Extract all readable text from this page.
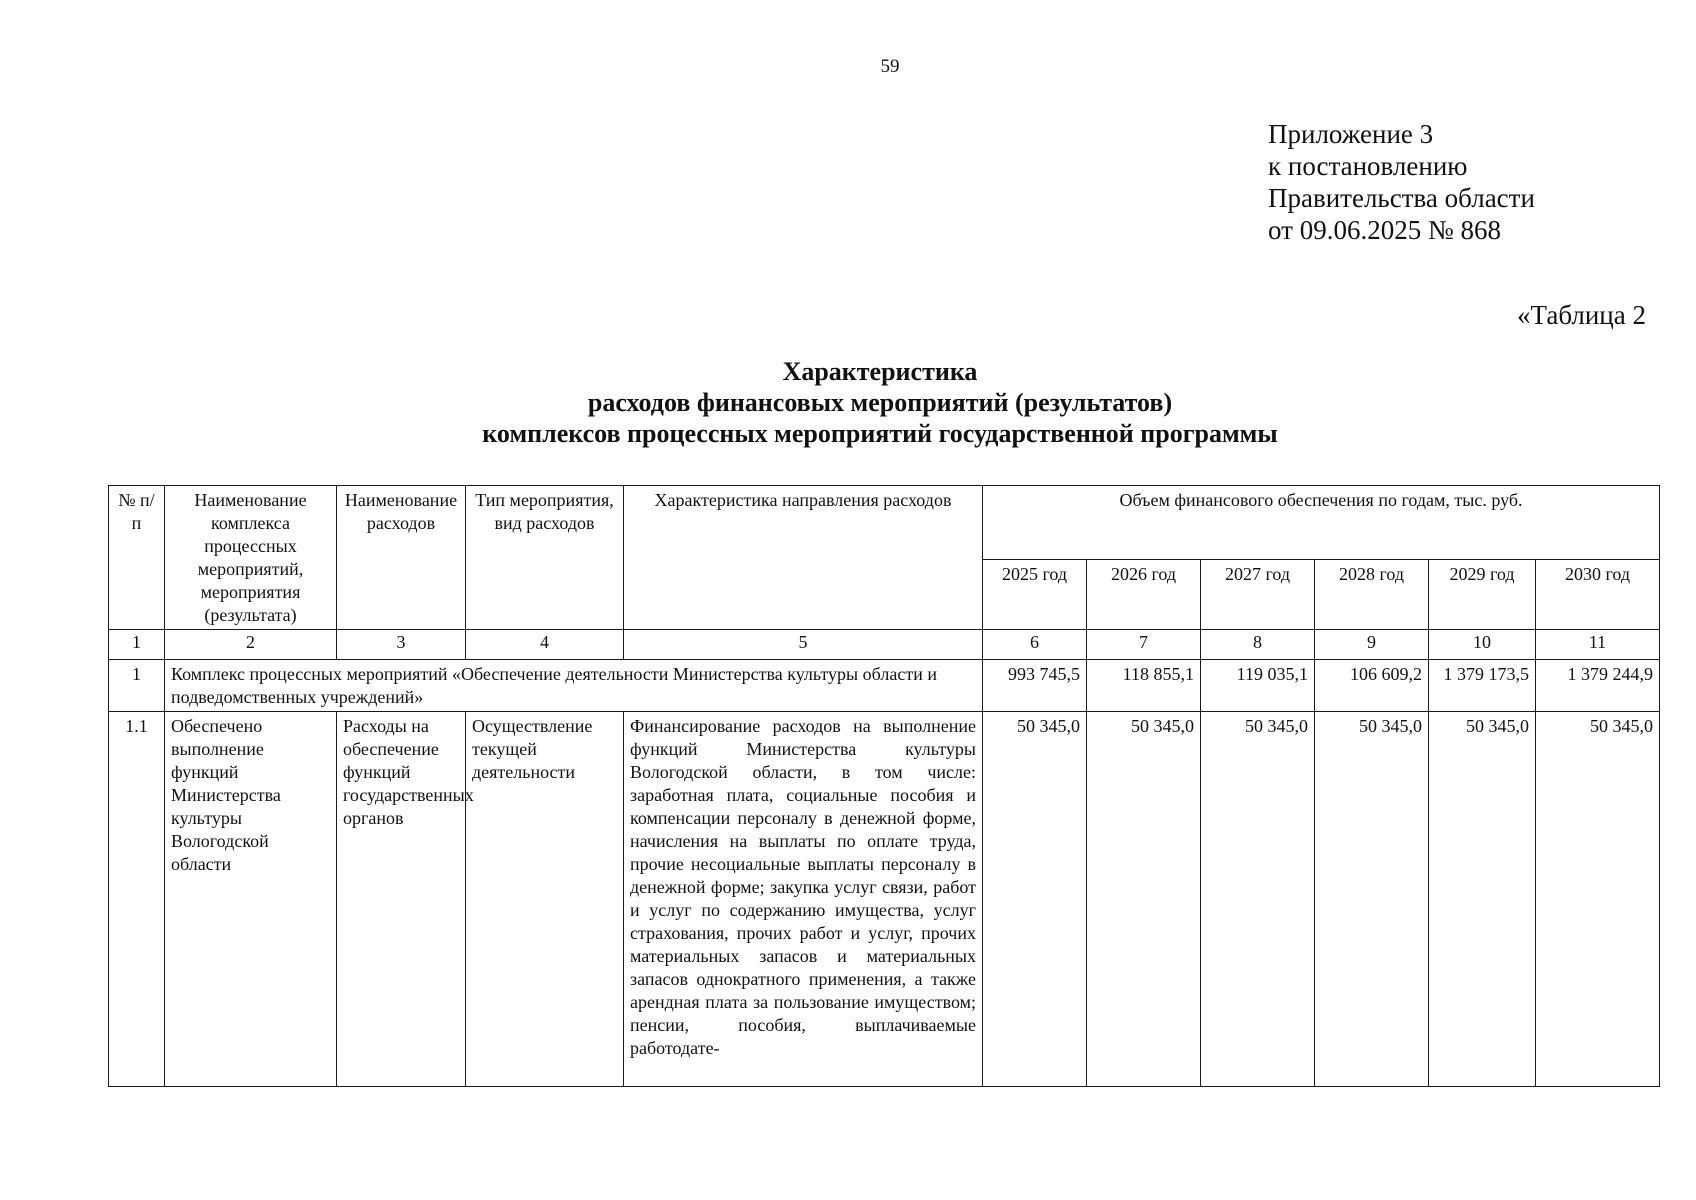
59
Приложение 3
к постановлению
Правительства области
от 09.06.2025 № 868
«Таблица 2
Характеристика
расходов финансовых мероприятий (результатов)
комплексов процессных мероприятий государственной программы
№ п/п	Наименование комплекса процессных мероприятий, мероприятия (результата)	Наименование расходов	Тип мероприятия, вид расходов	Характеристика направления расходов	Объем финансового обеспечения по годам, тыс. руб.					
					2025 год	2026 год	2027 год	2028 год	2029 год	2030 год
1	2	3	4	5	6	7	8	9	10	11
1	Комплекс процессных мероприятий «Обеспечение деятельности Министерства культуры области и подведомственных учреждений»				993 745,5	118 855,1	119 035,1	106 609,2	1 379 173,5	1 379 244,9
1.1	Обеспечено выполнение функций Министерства культуры Вологодской области	Расходы на обеспечение функций государственных органов	Осуществление текущей деятельности	Финансирование расходов на выполнение функций Министерства культуры Вологодской области, в том числе: заработная плата, социальные пособия и компенсации персоналу в денежной форме, начисления на выплаты по оплате труда, прочие несоциальные выплаты персоналу в денежной форме; закупка услуг связи, работ и услуг по содержанию имущества, услуг страхования, прочих работ и услуг, прочих материальных запасов и материальных запасов однократного применения, а также арендная плата за пользование имуществом; пенсии, пособия, выплачиваемые работодате-	50 345,0	50 345,0	50 345,0	50 345,0	50 345,0	50 345,0
